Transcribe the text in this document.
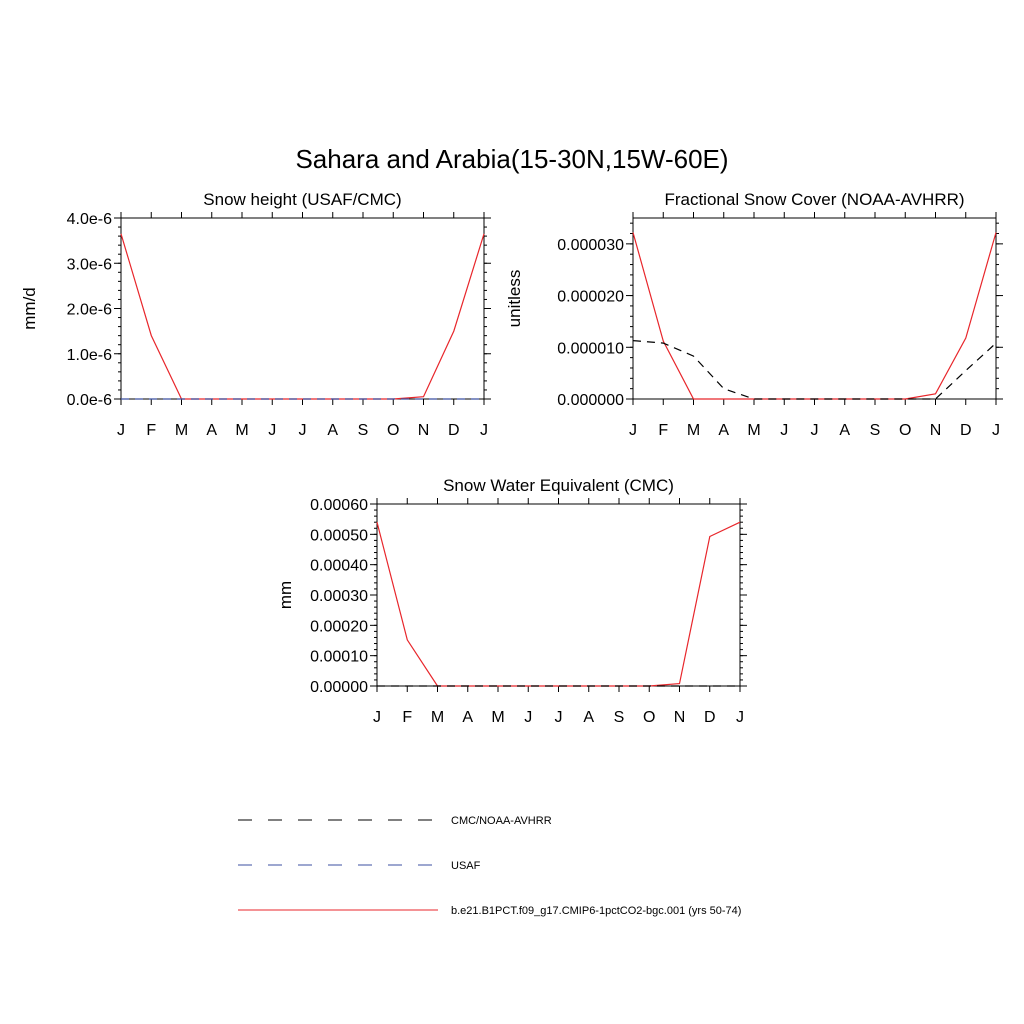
Sahara and Arabia(15-30N,15W-60E)
Snow height (USAF/CMC)
mm/d
J F M A M J J A S O N D J
0.0e-6
1.0e-6
2.0e-6
3.0e-6
4.0e-6
Fractional Snow Cover (NOAA-AVHRR)
unitless
J F M A M J J A S O N D J
0.000000
0.000010
0.000020
0.000030
Snow Water Equivalent (CMC)
mm
J F M A M J J A S O N D J
0.00000
0.00010
0.00020
0.00030
0.00040
0.00050
0.00060
CMC/NOAA-AVHRR
USAF
b.e21.B1PCT.f09_g17.CMIP6-1pctCO2-bgc.001 (yrs 50-74)
